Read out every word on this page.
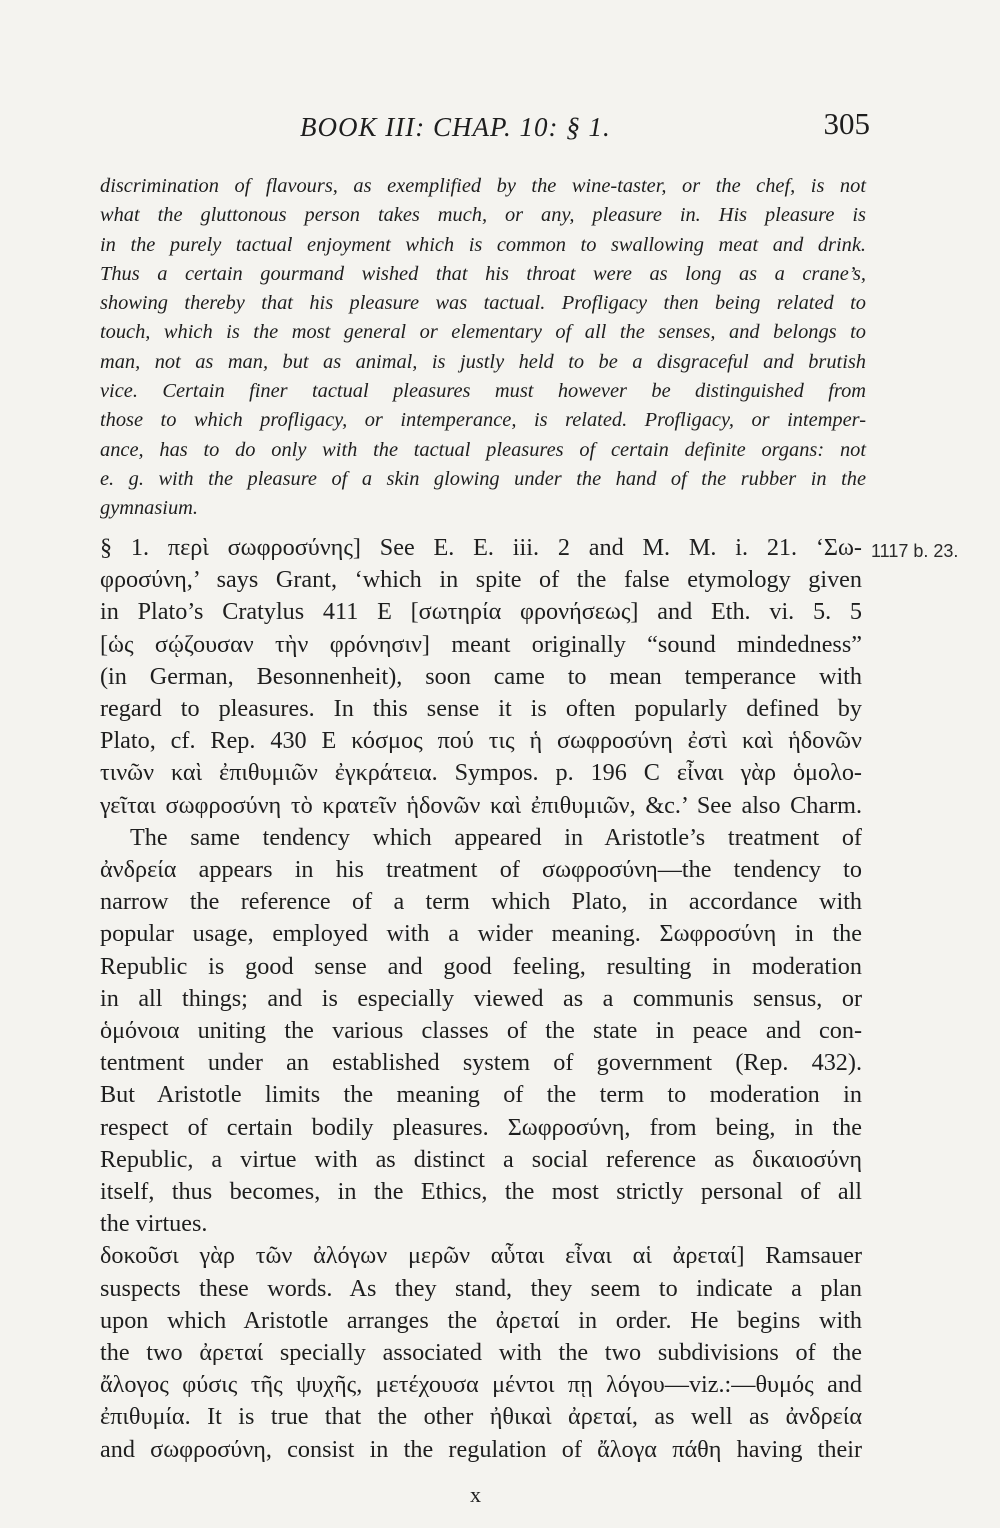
BOOK III: CHAP. 10: § 1.	305
discrimination of flavours, as exemplified by the wine-taster, or the chef, is not
what the gluttonous person takes much, or any, pleasure in. His pleasure is
in the purely tactual enjoyment which is common to swallowing meat and drink.
Thus a certain gourmand wished that his throat were as long as a crane’s,
showing thereby that his pleasure was tactual. Profligacy then being related to
touch, which is the most general or elementary of all the senses, and belongs to
man, not as man, but as animal, is justly held to be a disgraceful and brutish
vice. Certain finer tactual pleasures must however be distinguished from
those to which profligacy, or intemperance, is related. Profligacy, or intemper-
ance, has to do only with the tactual pleasures of certain definite organs: not
e. g. with the pleasure of a skin glowing under the hand of the rubber in the
gymnasium.
1117 b. 23.
§ 1. περὶ σωφροσύνης] See E. E. iii. 2 and M. M. i. 21. ‘Σω-
φροσύνη,’ says Grant, ‘which in spite of the false etymology given
in Plato’s Cratylus 411 E [σωτηρία φρονήσεως] and Eth. vi. 5. 5
[ὡς σῴζουσαν τὴν φρόνησιν] meant originally “sound mindedness”
(in German, Besonnenheit), soon came to mean temperance with
regard to pleasures. In this sense it is often popularly defined by
Plato, cf. Rep. 430 E κόσμος πού τις ἡ σωφροσύνη ἐστὶ καὶ ἡδονῶν
τινῶν καὶ ἐπιθυμιῶν ἐγκράτεια. Sympos. p. 196 C εἶναι γὰρ ὁμολο-
γεῖται σωφροσύνη τὸ κρατεῖν ἡδονῶν καὶ ἐπιθυμιῶν, &c.’ See also Charm.
The same tendency which appeared in Aristotle’s treatment of
ἀνδρεία appears in his treatment of σωφροσύνη—the tendency to
narrow the reference of a term which Plato, in accordance with
popular usage, employed with a wider meaning. Σωφροσύνη in the
Republic is good sense and good feeling, resulting in moderation
in all things; and is especially viewed as a communis sensus, or
ὁμόνοια uniting the various classes of the state in peace and con-
tentment under an established system of government (Rep. 432).
But Aristotle limits the meaning of the term to moderation in
respect of certain bodily pleasures. Σωφροσύνη, from being, in the
Republic, a virtue with as distinct a social reference as δικαιοσύνη
itself, thus becomes, in the Ethics, the most strictly personal of all
the virtues.
δοκοῦσι γὰρ τῶν ἀλόγων μερῶν αὗται εἶναι αἱ ἀρεταί] Ramsauer
suspects these words. As they stand, they seem to indicate a plan
upon which Aristotle arranges the ἀρεταί in order. He begins with
the two ἀρεταί specially associated with the two subdivisions of the
ἄλογος φύσις τῆς ψυχῆς, μετέχουσα μέντοι πῃ λόγου—viz.:—θυμός and
ἐπιθυμία. It is true that the other ἠθικαὶ ἀρεταί, as well as ἀνδρεία
and σωφροσύνη, consist in the regulation of ἄλογα πάθη having their
x
